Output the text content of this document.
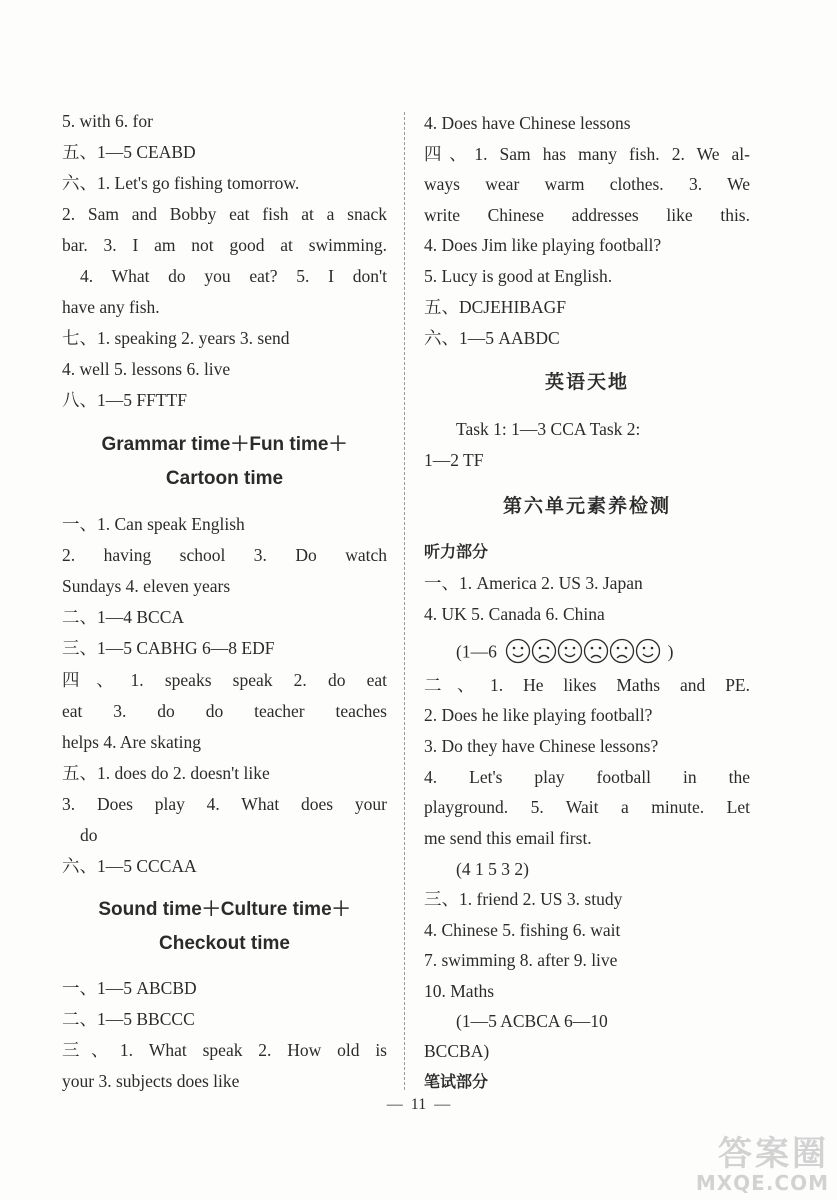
5. with 6. for
五、1—5 CEABD
六、1. Let's go fishing tomorrow.
2. Sam and Bobby eat fish at a snack
bar. 3. I am not good at swimming.
4. What do you eat? 5. I don't
have any fish.
七、1. speaking 2. years 3. send
4. well 5. lessons 6. live
八、1—5 FFTTF
Grammar time＋Fun time＋
Cartoon time
一、1. Can speak English
2. having school 3. Do watch
Sundays 4. eleven years
二、1—4 BCCA
三、1—5 CABHG 6—8 EDF
四、1. speaks speak 2. do eat
eat 3. do do teacher teaches
helps 4. Are skating
五、1. does do 2. doesn't like
3. Does play 4. What does your
do
六、1—5 CCCAA
Sound time＋Culture time＋
Checkout time
一、1—5 ABCBD
二、1—5 BBCCC
三、1. What speak 2. How old is
your 3. subjects does like
4. Does have Chinese lessons
四、1. Sam has many fish. 2. We al-
ways wear warm clothes. 3. We
write Chinese addresses like this.
4. Does Jim like playing football?
5. Lucy is good at English.
五、DCJEHIBAGF
六、1—5 AABDC
英语天地
Task 1: 1—3 CCA Task 2:
1—2 TF
第六单元素养检测
听力部分
一、1. America 2. US 3. Japan
4. UK 5. Canada 6. China
(1—6	)
二、1. He likes Maths and PE.
2. Does he like playing football?
3. Do they have Chinese lessons?
4. Let's play football in the
playground. 5. Wait a minute. Let
me send this email first.
(4 1 5 3 2)
三、1. friend 2. US 3. study
4. Chinese 5. fishing 6. wait
7. swimming 8. after 9. live
10. Maths
(1—5 ACBCA 6—10
BCCBA)
笔试部分
—  11  —
答案圈
MXQE.COM
